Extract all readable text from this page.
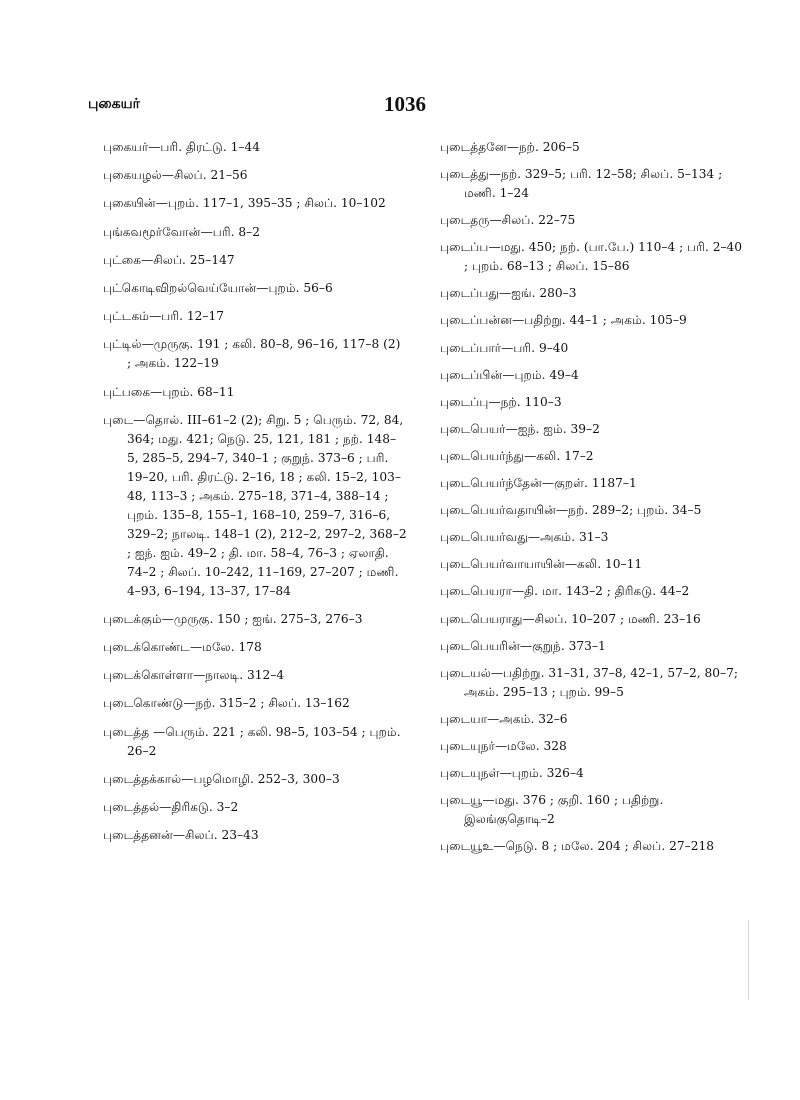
புகையர்	1036
புகையர்—பரி. திரட்டு. 1–44
புகையழல்—சிலப். 21–56
புகையின்—புறம். 117–1, 395–35 ; சிலப். 10–102
புங்கவமூர்வோன்—பரி. 8–2
புட்கை—சிலப். 25–147
புட்கொடிவிறல்வெய்யோன்—புறம். 56–6
புட்டகம்—பரி. 12–17
புட்டில்—முருகு. 191 ; கலி. 80–8, 96–16, 117–8 (2) ; அகம். 122–19
புட்பகை—புறம். 68–11
புடை—தொல். III–61–2 (2); சிறு. 5 ; பெரும். 72, 84, 364; மது. 421; நெடு. 25, 121, 181 ; நற். 148–5, 285–5, 294–7, 340–1 ; குறுந். 373–6 ; பரி. 19–20, பரி. திரட்டு. 2–16, 18 ; கலி. 15–2, 103–48, 113–3 ; அகம். 275–18, 371–4, 388–14 ; புறம். 135–8, 155–1, 168–10, 259–7, 316–6, 329–2; நாலடி. 148–1 (2), 212–2, 297–2, 368–2 ; ஐந். ஐம். 49–2 ; தி. மா. 58–4, 76–3 ; ஏலாதி. 74–2 ; சிலப். 10–242, 11–169, 27–207 ; மணி. 4–93, 6–194, 13–37, 17–84
புடைக்கும்—முருகு. 150 ; ஐங். 275–3, 276–3
புடைக்கொண்ட—மலே. 178
புடைக்கொள்ளா—நாலடி. 312–4
புடைகொண்டு—நற். 315–2 ; சிலப். 13–162
புடைத்த —பெரும். 221 ; கலி. 98–5, 103–54 ; புறம். 26–2
புடைத்தக்கால்—பழமொழி. 252–3, 300–3
புடைத்தல்—திரிகடு. 3–2
புடைத்தனன்—சிலப். 23–43
புடைத்தனே—நற். 206–5
புடைத்து—நற். 329–5; பரி. 12–58; சிலப். 5–134 ; மணி. 1–24
புடைதரு—சிலப். 22–75
புடைப்ப—மது. 450; நற். (பா.பே.) 110–4 ; பரி. 2–40 ; புறம். 68–13 ; சிலப். 15–86
புடைப்பது—ஐங். 280–3
புடைப்பன்ன—பதிற்று. 44–1 ; அகம். 105–9
புடைப்பார்—பரி. 9–40
புடைப்பின்—புறம். 49–4
புடைப்பு—நற். 110–3
புடைபெயர்—ஐந். ஐம். 39–2
புடைபெயர்ந்து—கலி. 17–2
புடைபெயர்ந்தேன்—குறள். 1187–1
புடைபெயர்வதாயின்—நற். 289–2; புறம். 34–5
புடைபெயர்வது—அகம். 31–3
புடைபெயர்வாயாயின்—கலி. 10–11
புடைபெயரா—தி. மா. 143–2 ; திரிகடு. 44–2
புடைபெயராது—சிலப். 10–207 ; மணி. 23–16
புடைபெயரின்—குறுந். 373–1
புடையல்—பதிற்று. 31–31, 37–8, 42–1, 57–2, 80–7; அகம். 295–13 ; புறம். 99–5
புடையா—அகம். 32–6
புடையுநர்—மலே. 328
புடையுநள்—புறம். 326–4
புடையூ—மது. 376 ; குறி. 160 ; பதிற்று. இலங்குதொடி–2
புடையூஉ—நெடு. 8 ; மலே. 204 ; சிலப். 27–218
